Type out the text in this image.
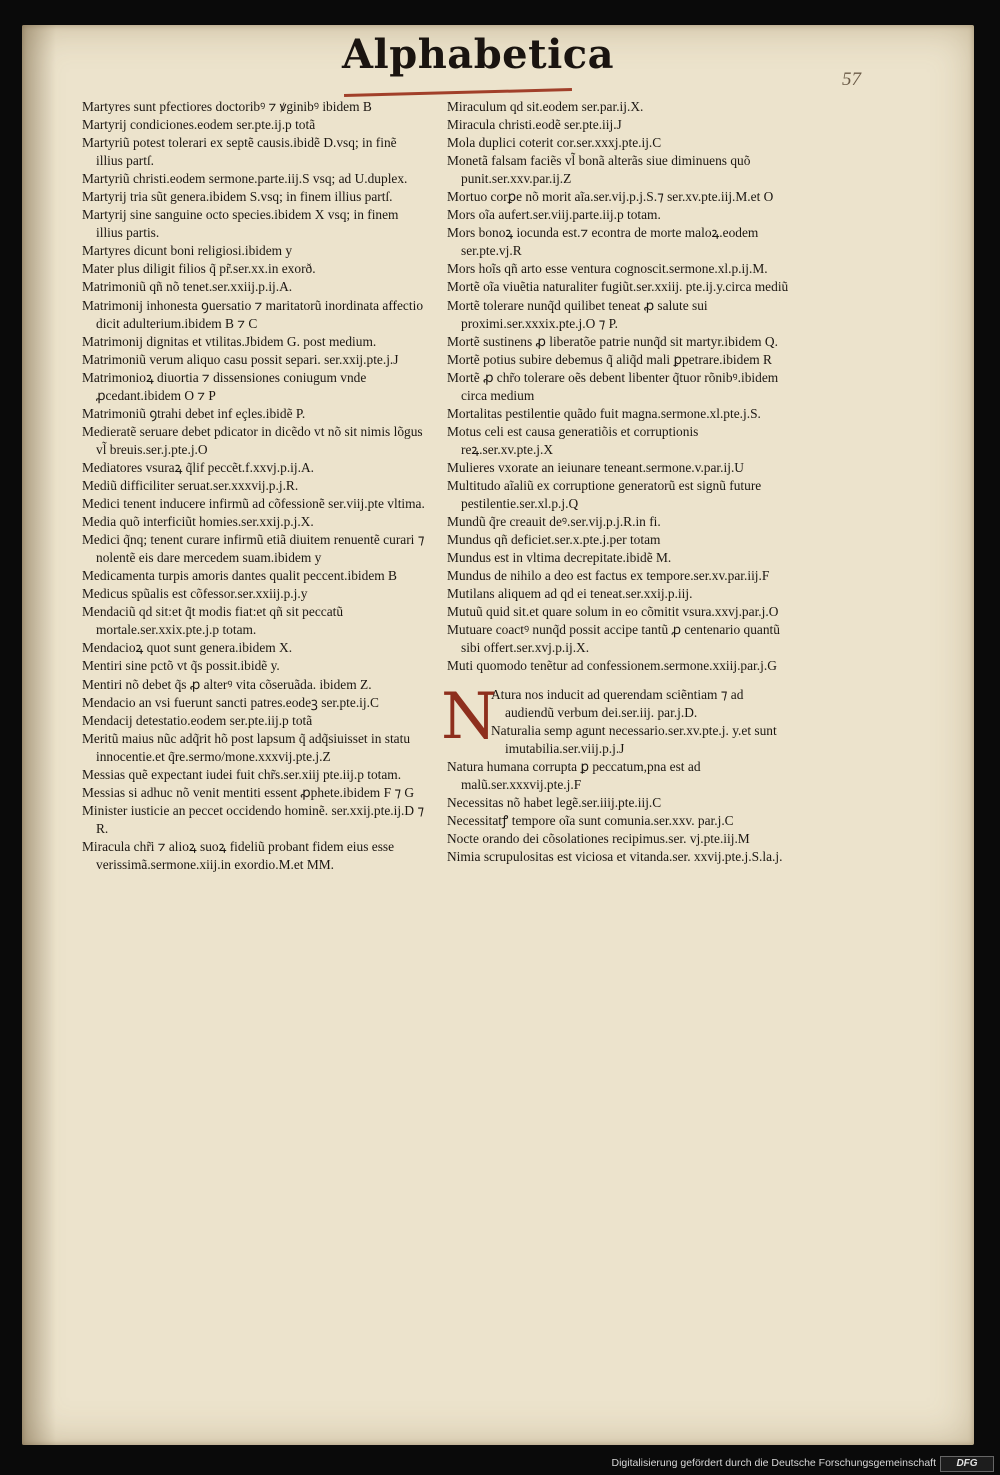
Alphabetica
57

Martyres sunt pfectiores doctoribꝰ ⁊ ꝟginibꝰ ibidem B

Martyrij condiciones.eodem ser.pte.ij.p totã

Martyriũ potest tolerari ex septẽ causis.ibidẽ D.vsq; in finẽ illius partſ.

Martyriũ christi.eodem sermone.parte.iij.S vsq; ad U.duplex.

Martyrij tria sũt genera.ibidem S.vsq; in finem illius partſ.

Martyrij sine sanguine octo species.ibidem X vsq; in finem illius partis.

Martyres dicunt boni religiosi.ibidem y

Mater plus diligit filios q̃ pr̃.ser.xx.in exorð.

Matrimoniũ qñ nõ tenet.ser.xxiij.p.ij.A.

Matrimonij inhonesta ꝯuersatio ⁊ maritatorũ inordinata affectio dicit adulterium.ibidem B ⁊ C

Matrimonij dignitas et vtilitas.Jbidem G. post medium.

Matrimoniũ verum aliquo casu possit separi. ser.xxij.pte.j.J

Matrimonioꝝ diuortia ⁊ dissensiones coniugum vnde ꝓcedant.ibidem O ⁊ P

Matrimoniũ ꝯtrahi debet inf eçles.ibidẽ P.

Medieratẽ seruare debet pdicator in dicẽdo vt nõ sit nimis lõgus vl̃ breuis.ser.j.pte.j.O

Mediatores vsuraꝝ q̃lif peccẽt.f.xxvj.p.ij.A.

Mediũ difficiliter seruat.ser.xxxvij.p.j.R.

Medici tenent inducere infirmũ ad cõfessionẽ ser.viij.pte vltima.

Media quõ interficiũt homies.ser.xxij.p.j.X.

Medici q̃nq; tenent curare infirmũ etiã diuitem renuentẽ curari ⁊ nolentẽ eis dare mercedem suam.ibidem y

Medicamenta turpis amoris dantes qualit peccent.ibidem B

Medicus spũalis est cõfessor.ser.xxiij.p.j.y

Mendaciũ qd sit:et q̃t modis fiat:et qñ sit peccatũ mortale.ser.xxix.pte.j.p totam.

Mendacioꝝ quot sunt genera.ibidem X.

Mentiri sine pctõ vt q̃s possit.ibidẽ y.

Mentiri nõ debet q̃s ꝓ alterꝰ vita cõseruãda. ibidem Z.

Mendacio an vsi fuerunt sancti patres.eodeꝫ ser.pte.ij.C

Mendacij detestatio.eodem ser.pte.iij.p totã

Meritũ maius nũc adq̃rit hõ post lapsum q̃ adq̃siuisset in statu innocentie.et q̃re.sermo/mone.xxxvij.pte.j.Z

Messias quẽ expectant iudei fuit chr̃s.ser.xiij pte.iij.p totam.

Messias si adhuc nõ venit mentiti essent ꝓphete.ibidem F ⁊ G

Minister iusticie an peccet occidendo hominẽ. ser.xxij.pte.ij.D ⁊ R.

Miracula chr̃i ⁊ alioꝝ suoꝝ fideliũ probant fidem eius esse verissimã.sermone.xiij.in exordio.M.et MM.

Miraculum qd sit.eodem ser.par.ij.X.

Miracula christi.eodẽ ser.pte.iij.J

Mola duplici coterit cor.ser.xxxj.pte.ij.C

Monetã falsam faciẽs vl̃ bonã alterãs siue diminuens quõ punit.ser.xxv.par.ij.Z

Mortuo corꝑe nõ morit aĩa.ser.vij.p.j.S.⁊ ser.xv.pte.iij.M.et O

Mors oĩa aufert.ser.viij.parte.iij.p totam.

Mors bonoꝝ iocunda est.⁊ econtra de morte maloꝝ.eodem ser.pte.vj.R

Mors hoĩs qñ arto esse ventura cognoscit.sermone.xl.p.ij.M.

Mortẽ oĩa viuẽtia naturaliter fugiũt.ser.xxiij. pte.ij.y.circa mediũ

Mortẽ tolerare nunq̃d quilibet teneat ꝓ salute sui proximi.ser.xxxix.pte.j.O ⁊ P.

Mortẽ sustinens ꝓ liberatõe patrie nunq̃d sit martyr.ibidem Q.

Mortẽ potius subire debemus q̃ aliq̃d mali ꝑpetrare.ibidem R

Mortẽ ꝓ chr̃o tolerare oẽs debent libenter q̃tuor rõnibꝰ.ibidem circa medium

Mortalitas pestilentie quãdo fuit magna.sermone.xl.pte.j.S.

Motus celi est causa generatiõis et corruptionis reꝝ.ser.xv.pte.j.X

Mulieres vxorate an ieiunare teneant.sermone.v.par.ij.U

Multitudo aĩaliũ ex corruptione generatorũ est signũ future pestilentie.ser.xl.p.j.Q

Mundũ q̃re creauit deꝰ.ser.vij.p.j.R.in fi.

Mundus qñ deficiet.ser.x.pte.j.per totam

Mundus est in vltima decrepitate.ibidẽ M.

Mundus de nihilo a deo est factus ex tempore.ser.xv.par.iij.F

Mutilans aliquem ad qd ei teneat.ser.xxij.p.iij.

Mutuũ quid sit.et quare solum in eo cõmitit vsura.xxvj.par.j.O

Mutuare coactꝰ nunq̃d possit accipe tantũ ꝓ centenario quantũ sibi offert.ser.xvj.p.ij.X.

Muti quomodo tenẽtur ad confessionem.sermone.xxiij.par.j.G

N

Atura nos inducit ad querendam sciẽntiam ⁊ ad audiendũ verbum dei.ser.iij. par.j.D.

Naturalia semp agunt necessario.ser.xv.pte.j. y.et sunt imutabilia.ser.viij.p.j.J

Natura humana corrupta ꝑ peccatum,pna est ad malũ.ser.xxxvij.pte.j.F

Necessitas nõ habet legẽ.ser.iiij.pte.iij.C

Necessitatꝭ tempore oĩa sunt comunia.ser.xxv. par.j.C

Nocte orando dei cõsolationes recipimus.ser. vj.pte.iij.M

Nimia scrupulositas est viciosa et vitanda.ser. xxvij.pte.j.S.la.j.

Digitalisierung gefördert durch die Deutsche Forschungsgemeinschaft	DFG
